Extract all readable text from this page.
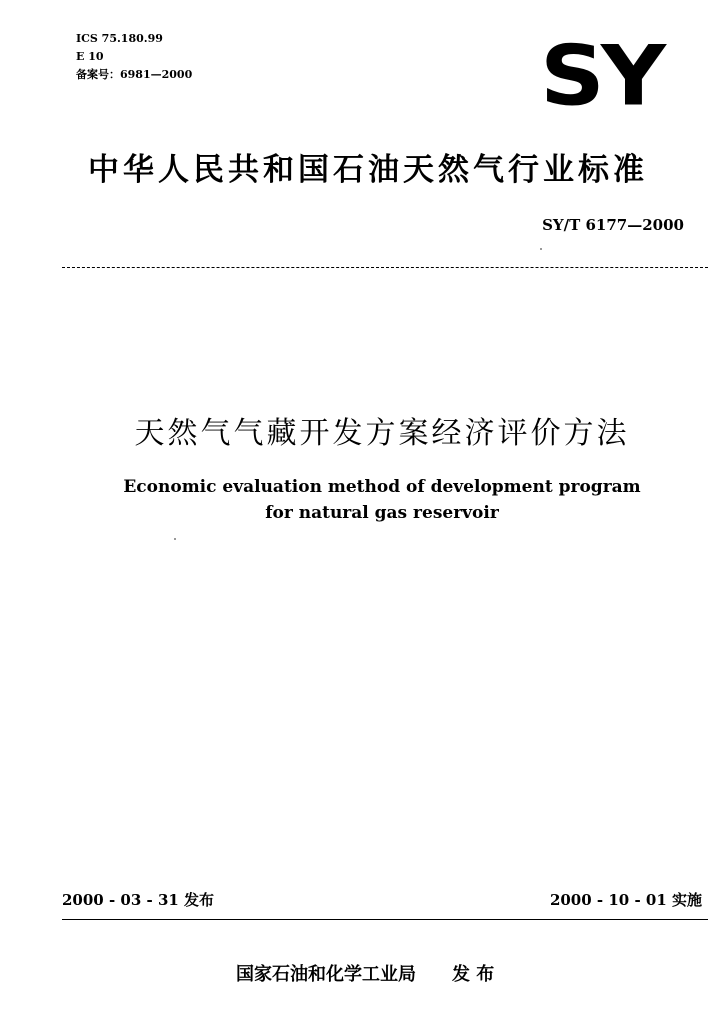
ICS 75.180.99
E 10
备案号：6981—2000	SY
中华人民共和国石油天然气行业标准
SY/T 6177—2000
天然气气藏开发方案经济评价方法
Economic evaluation method of development program
for natural gas reservoir
2000 - 03 - 31 发布	2000 - 10 - 01 实施
国家石油和化学工业局 发 布
